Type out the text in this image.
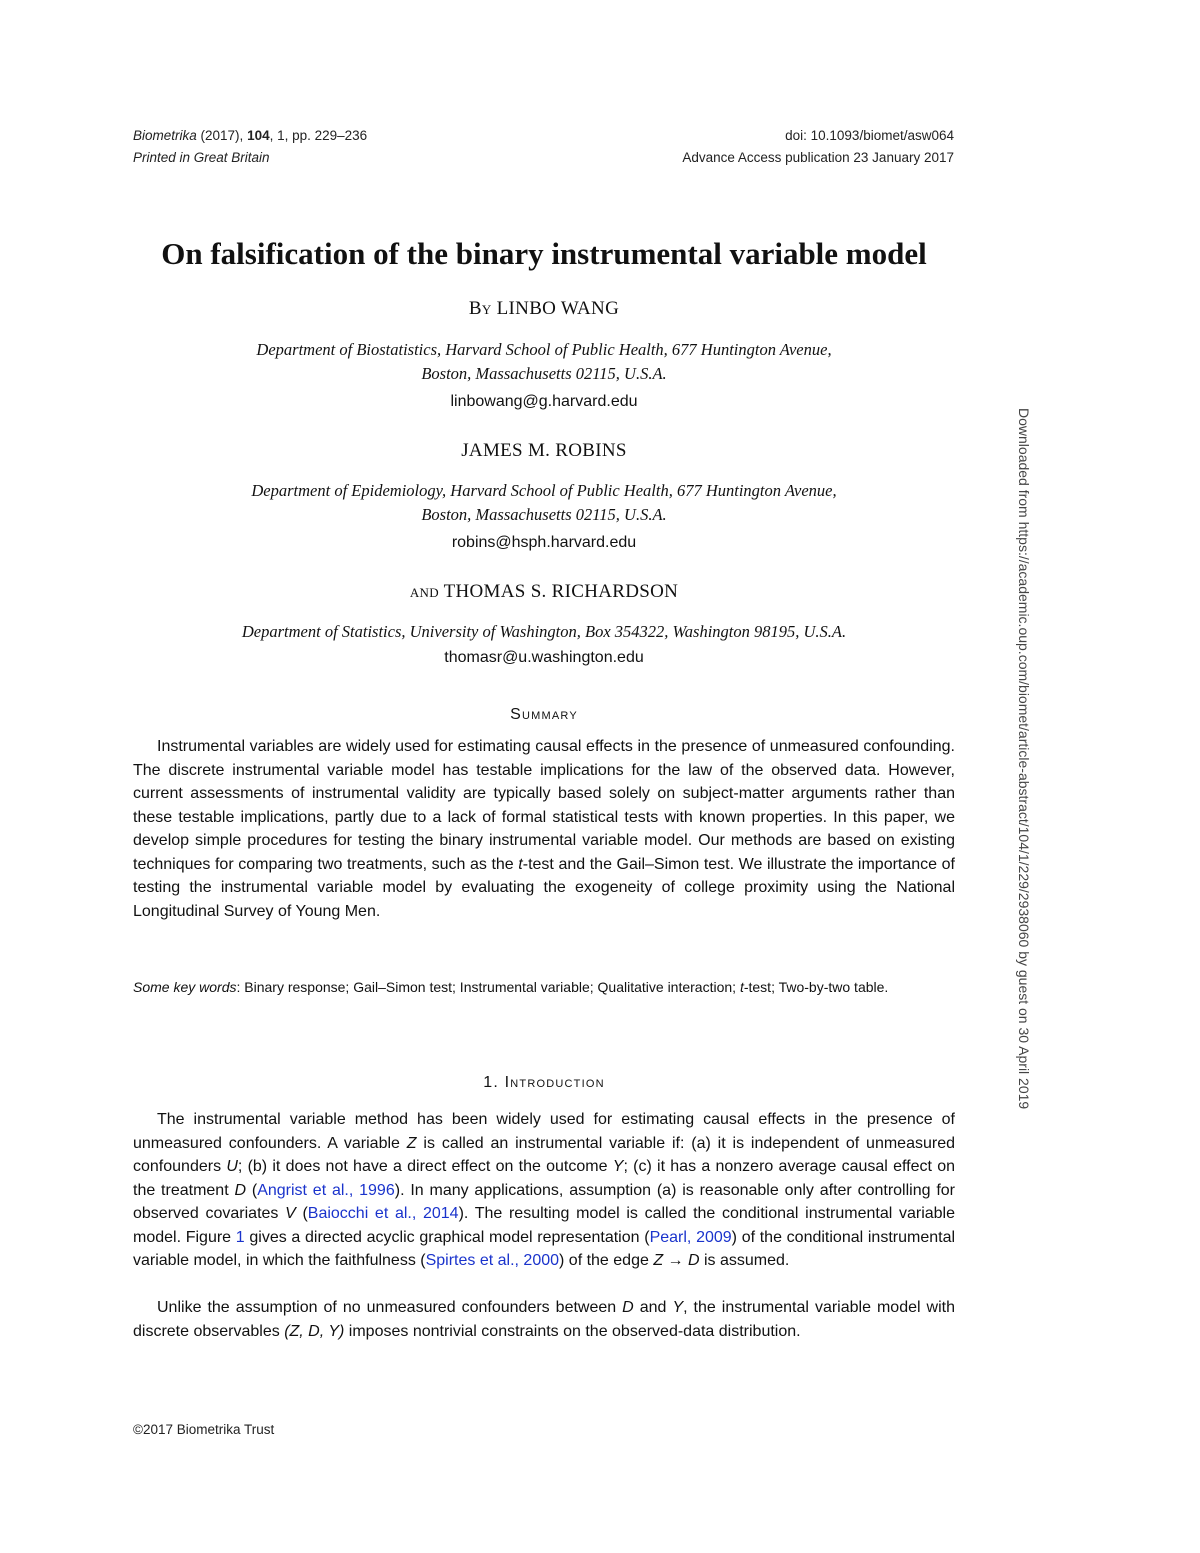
Biometrika (2017), 104, 1, pp. 229–236
Printed in Great Britain
doi: 10.1093/biomet/asw064
Advance Access publication 23 January 2017
On falsification of the binary instrumental variable model
By LINBO WANG
Department of Biostatistics, Harvard School of Public Health, 677 Huntington Avenue,
Boston, Massachusetts 02115, U.S.A.
linbowang@g.harvard.edu
JAMES M. ROBINS
Department of Epidemiology, Harvard School of Public Health, 677 Huntington Avenue,
Boston, Massachusetts 02115, U.S.A.
robins@hsph.harvard.edu
and THOMAS S. RICHARDSON
Department of Statistics, University of Washington, Box 354322, Washington 98195, U.S.A.
thomasr@u.washington.edu
Summary
Instrumental variables are widely used for estimating causal effects in the presence of unmeasured confounding. The discrete instrumental variable model has testable implications for the law of the observed data. However, current assessments of instrumental validity are typically based solely on subject-matter arguments rather than these testable implications, partly due to a lack of formal statistical tests with known properties. In this paper, we develop simple procedures for testing the binary instrumental variable model. Our methods are based on existing techniques for comparing two treatments, such as the t-test and the Gail–Simon test. We illustrate the importance of testing the instrumental variable model by evaluating the exogeneity of college proximity using the National Longitudinal Survey of Young Men.
Some key words: Binary response; Gail–Simon test; Instrumental variable; Qualitative interaction; t-test; Two-by-two table.
1. Introduction
The instrumental variable method has been widely used for estimating causal effects in the presence of unmeasured confounders. A variable Z is called an instrumental variable if: (a) it is independent of unmeasured confounders U; (b) it does not have a direct effect on the outcome Y; (c) it has a nonzero average causal effect on the treatment D (Angrist et al., 1996). In many applications, assumption (a) is reasonable only after controlling for observed covariates V (Baiocchi et al., 2014). The resulting model is called the conditional instrumental variable model. Figure 1 gives a directed acyclic graphical model representation (Pearl, 2009) of the conditional instrumental variable model, in which the faithfulness (Spirtes et al., 2000) of the edge Z → D is assumed.
Unlike the assumption of no unmeasured confounders between D and Y, the instrumental variable model with discrete observables (Z, D, Y) imposes nontrivial constraints on the observed-data distribution.
©2017 Biometrika Trust
Downloaded from https://academic.oup.com/biomet/article-abstract/104/1/229/2938060 by guest on 30 April 2019
